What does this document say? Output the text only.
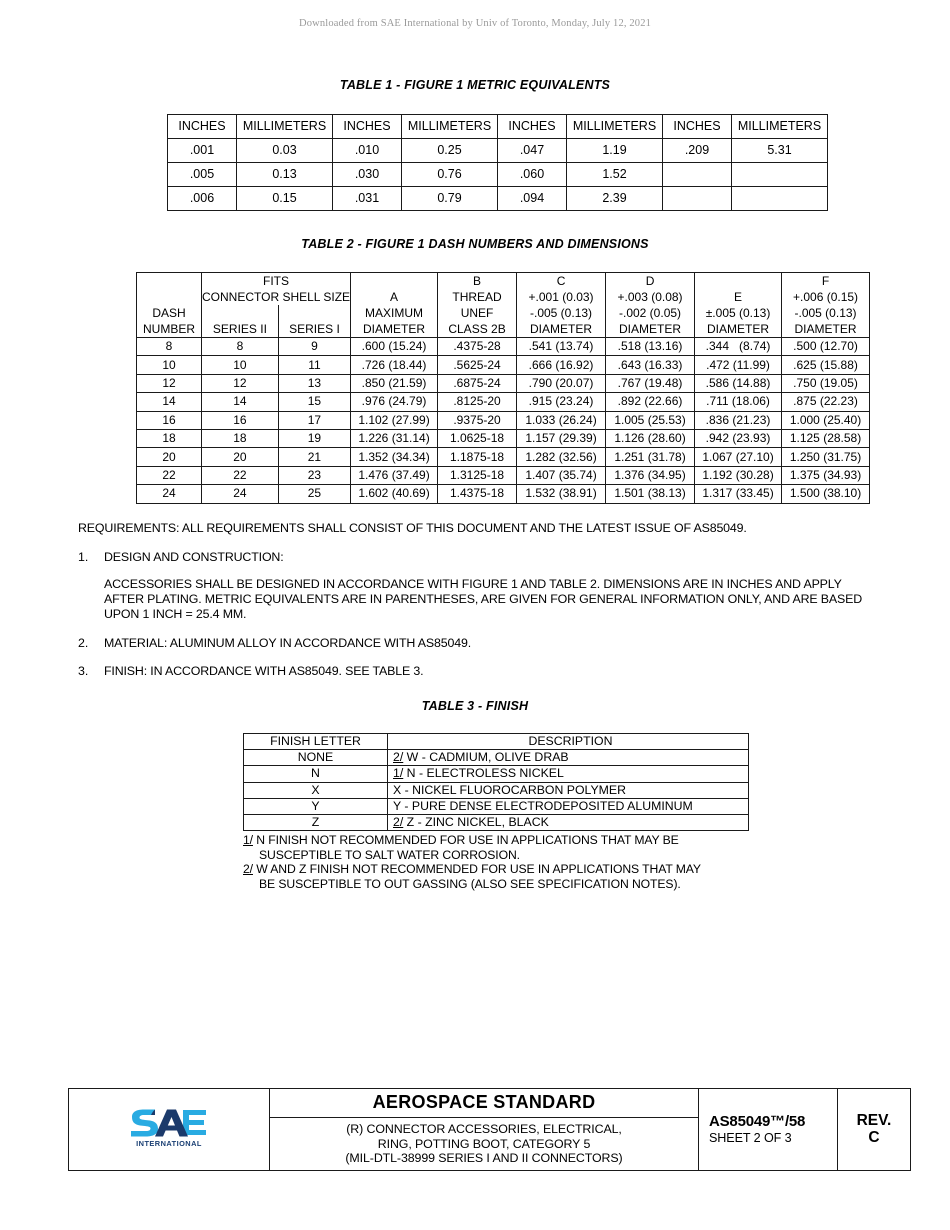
Downloaded from SAE International by Univ of Toronto, Monday, July 12, 2021
TABLE 1 - FIGURE 1 METRIC EQUIVALENTS
INCHES	MILLIMETERS	INCHES	MILLIMETERS	INCHES	MILLIMETERS	INCHES	MILLIMETERS
.001	0.03	.010	0.25	.047	1.19	.209	5.31
.005	0.13	.030	0.76	.060	1.52		
.006	0.15	.031	0.79	.094	2.39		
TABLE 2 - FIGURE 1 DASH NUMBERS AND DIMENSIONS
	FITS			B	C	D		F
	CONNECTOR SHELL SIZE		A	THREAD	+.001 (0.03)	+.003 (0.08)	E	+.006 (0.15)
DASH			MAXIMUM	UNEF	-.005 (0.13)	-.002 (0.05)	±.005 (0.13)	-.005 (0.13)
NUMBER	SERIES II	SERIES I	DIAMETER	CLASS 2B	DIAMETER	DIAMETER	DIAMETER	DIAMETER
8	8	9	.600 (15.24)	.4375-28	.541 (13.74)	.518 (13.16)	.344   (8.74)	.500 (12.70)
10	10	11	.726 (18.44)	.5625-24	.666 (16.92)	.643 (16.33)	.472 (11.99)	.625 (15.88)
12	12	13	.850 (21.59)	.6875-24	.790 (20.07)	.767 (19.48)	.586 (14.88)	.750 (19.05)
14	14	15	.976 (24.79)	.8125-20	.915 (23.24)	.892 (22.66)	.711 (18.06)	.875 (22.23)
16	16	17	1.102 (27.99)	.9375-20	1.033 (26.24)	1.005 (25.53)	.836 (21.23)	1.000 (25.40)
18	18	19	1.226 (31.14)	1.0625-18	1.157 (29.39)	1.126 (28.60)	.942 (23.93)	1.125 (28.58)
20	20	21	1.352 (34.34)	1.1875-18	1.282 (32.56)	1.251 (31.78)	1.067 (27.10)	1.250 (31.75)
22	22	23	1.476 (37.49)	1.3125-18	1.407 (35.74)	1.376 (34.95)	1.192 (30.28)	1.375 (34.93)
24	24	25	1.602 (40.69)	1.4375-18	1.532 (38.91)	1.501 (38.13)	1.317 (33.45)	1.500 (38.10)
REQUIREMENTS: ALL REQUIREMENTS SHALL CONSIST OF THIS DOCUMENT AND THE LATEST ISSUE OF AS85049.
1. DESIGN AND CONSTRUCTION:
ACCESSORIES SHALL BE DESIGNED IN ACCORDANCE WITH FIGURE 1 AND TABLE 2. DIMENSIONS ARE IN INCHES AND APPLY
AFTER PLATING. METRIC EQUIVALENTS ARE IN PARENTHESES, ARE GIVEN FOR GENERAL INFORMATION ONLY, AND ARE BASED
UPON 1 INCH = 25.4 MM.
2. MATERIAL: ALUMINUM ALLOY IN ACCORDANCE WITH AS85049.
3. FINISH: IN ACCORDANCE WITH AS85049. SEE TABLE 3.
TABLE 3 - FINISH
FINISH LETTER	DESCRIPTION
NONE	2/ W - CADMIUM, OLIVE DRAB
N	1/ N - ELECTROLESS NICKEL
X	X - NICKEL FLUOROCARBON POLYMER
Y	Y - PURE DENSE ELECTRODEPOSITED ALUMINUM
Z	2/ Z - ZINC NICKEL, BLACK
1/ N FINISH NOT RECOMMENDED FOR USE IN APPLICATIONS THAT MAY BE
SUSCEPTIBLE TO SALT WATER CORROSION.
2/ W AND Z FINISH NOT RECOMMENDED FOR USE IN APPLICATIONS THAT MAY
BE SUSCEPTIBLE TO OUT GASSING (ALSO SEE SPECIFICATION NOTES).
INTERNATIONAL

AEROSPACE STANDARD
(R) CONNECTOR ACCESSORIES, ELECTRICAL,
RING, POTTING BOOT, CATEGORY 5
(MIL-DTL-38999 SERIES I AND II CONNECTORS)

AS85049™/58
SHEET 2 OF 3

REV.
C
